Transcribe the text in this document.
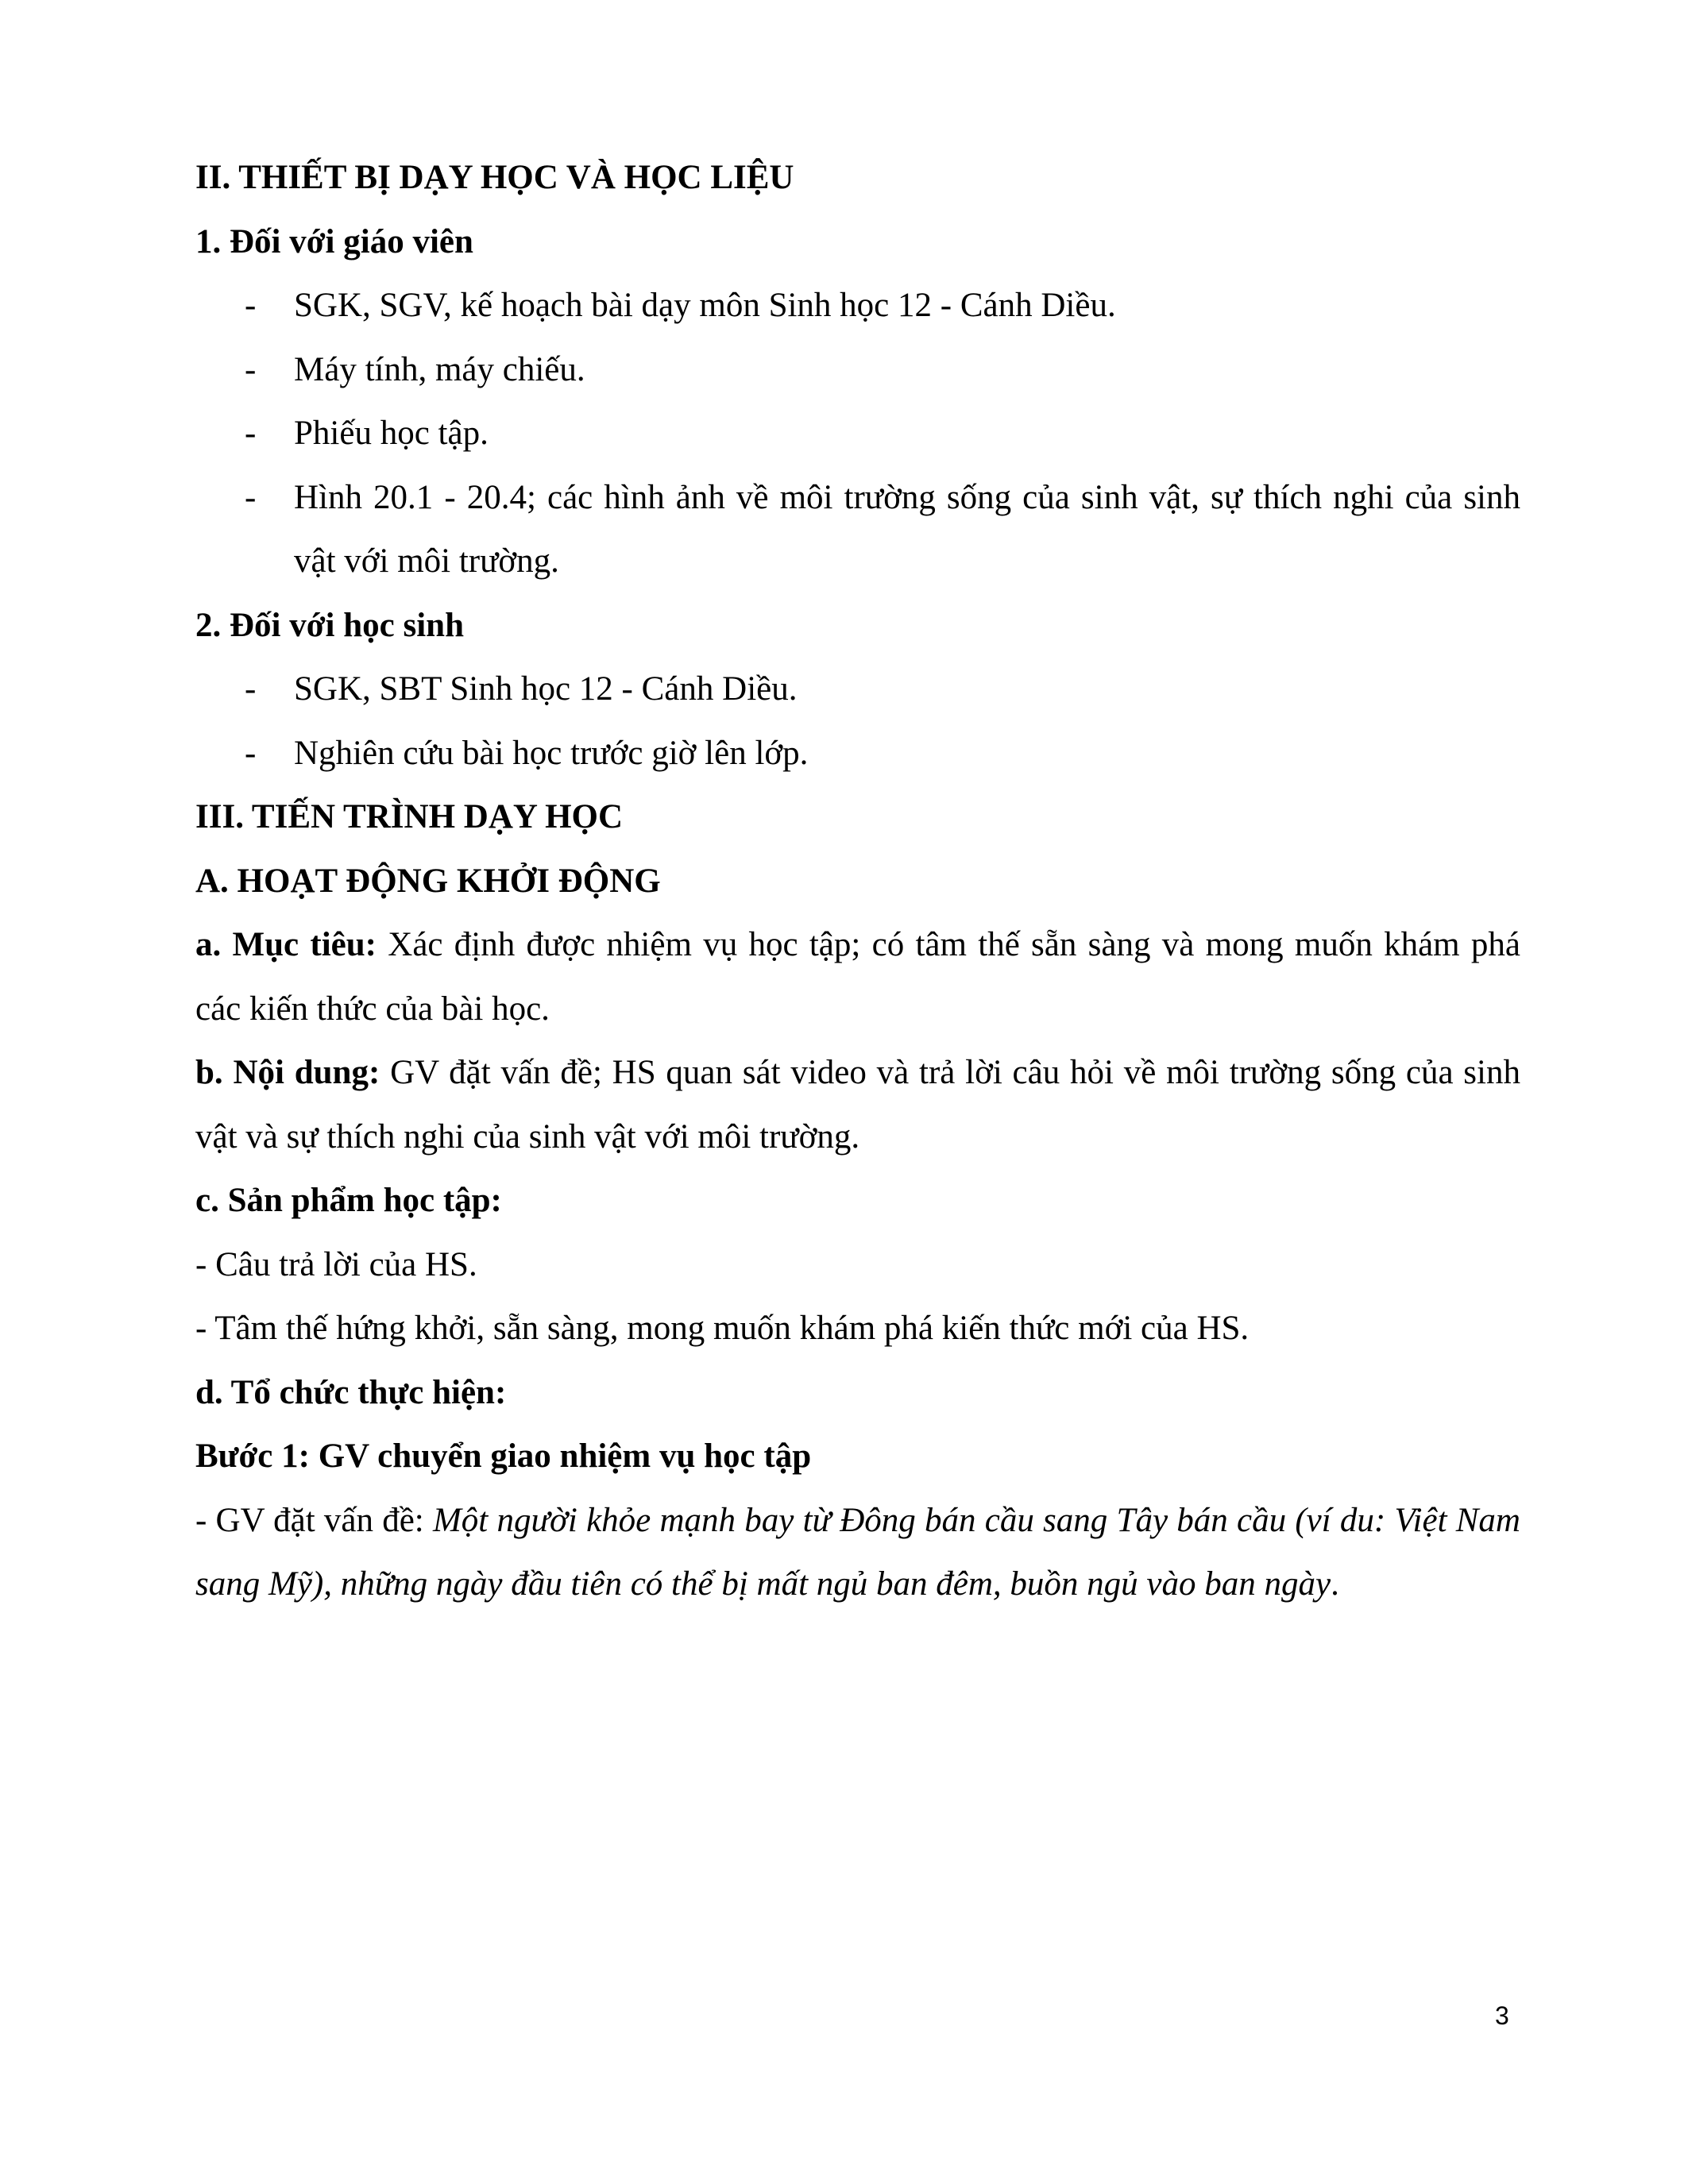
II. THIẾT BỊ DẠY HỌC VÀ HỌC LIỆU

1. Đối với giáo viên

- SGK, SGV, kế hoạch bài dạy môn Sinh học 12 - Cánh Diều.

- Máy tính, máy chiếu.

- Phiếu học tập.

- Hình 20.1 - 20.4; các hình ảnh về môi trường sống của sinh vật, sự thích nghi của sinh vật với môi trường.

2. Đối với học sinh

- SGK, SBT Sinh học 12 - Cánh Diều.

- Nghiên cứu bài học trước giờ lên lớp.

III. TIẾN TRÌNH DẠY HỌC

A. HOẠT ĐỘNG KHỞI ĐỘNG

a. Mục tiêu: Xác định được nhiệm vụ học tập; có tâm thế sẵn sàng và mong muốn khám phá các kiến thức của bài học.

b. Nội dung: GV đặt vấn đề; HS quan sát video và trả lời câu hỏi về môi trường sống của sinh vật và sự thích nghi của sinh vật với môi trường.

c. Sản phẩm học tập:

- Câu trả lời của HS.

- Tâm thế hứng khởi, sẵn sàng, mong muốn khám phá kiến thức mới của HS.

d. Tổ chức thực hiện:

Bước 1: GV chuyển giao nhiệm vụ học tập

- GV đặt vấn đề: Một người khỏe mạnh bay từ Đông bán cầu sang Tây bán cầu (ví du: Việt Nam sang Mỹ), những ngày đầu tiên có thể bị mất ngủ ban đêm, buồn ngủ vào ban ngày.

3
